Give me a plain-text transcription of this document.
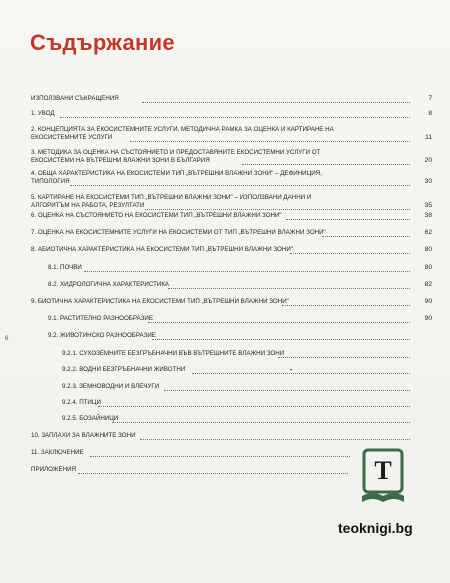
Съдържание
6
ИЗПОЛЗВАНИ СЪКРАЩЕНИЯ	7
1. УВОД	8
2. КОНЦЕПЦИЯТА ЗА ЕКОСИСТЕМНИТЕ УСЛУГИ, МЕТОДИЧНА РАМКА ЗА ОЦЕНКА И КАРТИРАНЕ НА
ЕКОСИСТЕМНИТЕ УСЛУГИ	11
3. МЕТОДИКА ЗА ОЦЕНКА НА СЪСТОЯНИЕТО И ПРЕДОСТАВЯНИТЕ ЕКОСИСТЕМНИ УСЛУГИ ОТ
ЕКОСИСТЕМИ НА ВЪТРЕШНИ ВЛАЖНИ ЗОНИ В БЪЛГАРИЯ	20
4. ОБЩА ХАРАКТЕРИСТИКА НА ЕКОСИСТЕМИ ТИП „ВЪТРЕШНИ ВЛАЖНИ ЗОНИ" – ДЕФИНИЦИЯ,
ТИПОЛОГИЯ	30
5. КАРТИРАНЕ НА ЕКОСИСТЕМИ ТИП „ВЪТРЕШНИ ВЛАЖНИ ЗОНИ" – ИЗПОЛЗВАНИ ДАННИ И
АЛГОРИТЪМ НА РАБОТА, РЕЗУЛТАТИ	35
6. ОЦЕНКА НА СЪСТОЯНИЕТО НА ЕКОСИСТЕМИ ТИП „ВЪТРЕШНИ ВЛАЖНИ ЗОНИ"	38
7. ОЦЕНКА НА ЕКОСИСТЕМНИТЕ УСЛУГИ НА ЕКОСИСТЕМИ ОТ ТИП „ВЪТРЕШНИ ВЛАЖНИ ЗОНИ"	62
8. АБИОТИЧНА ХАРАКТЕРИСТИКА НА ЕКОСИСТЕМИ ТИП „ВЪТРЕШНИ ВЛАЖНИ ЗОНИ"	80
8.1. ПОЧВИ	80
8.2. ХИДРОЛОГИЧНА ХАРАКТЕРИСТИКА	82
9. БИОТИЧНА ХАРАКТЕРИСТИКА НА ЕКОСИСТЕМИ ТИП „ВЪТРЕШНИ ВЛАЖНИ ЗОНИ"	90
9.1. РАСТИТЕЛНО РАЗНООБРАЗИЕ	90
9.2. ЖИВОТИНСКО РАЗНООБРАЗИЕ
9.2.1. СУХОЗЕМНИТЕ БЕЗГРЪБНАЧНИ ВЪВ ВЪТРЕШНИТЕ ВЛАЖНИ ЗОНИ
9.2.2. ВОДНИ БЕЗГРЪБНАЧНИ ЖИВОТНИ
9.2.3. ЗЕМНОВОДНИ И ВЛЕЧУГИ
9.2.4. ПТИЦИ
9.2.5. БОЗАЙНИЦИ
10. ЗАПЛАХИ ЗА ВЛАЖНИТЕ ЗОНИ
11. ЗАКЛЮЧЕНИЕ
ПРИЛОЖЕНИЯ
•
T
teoknigi.bg
